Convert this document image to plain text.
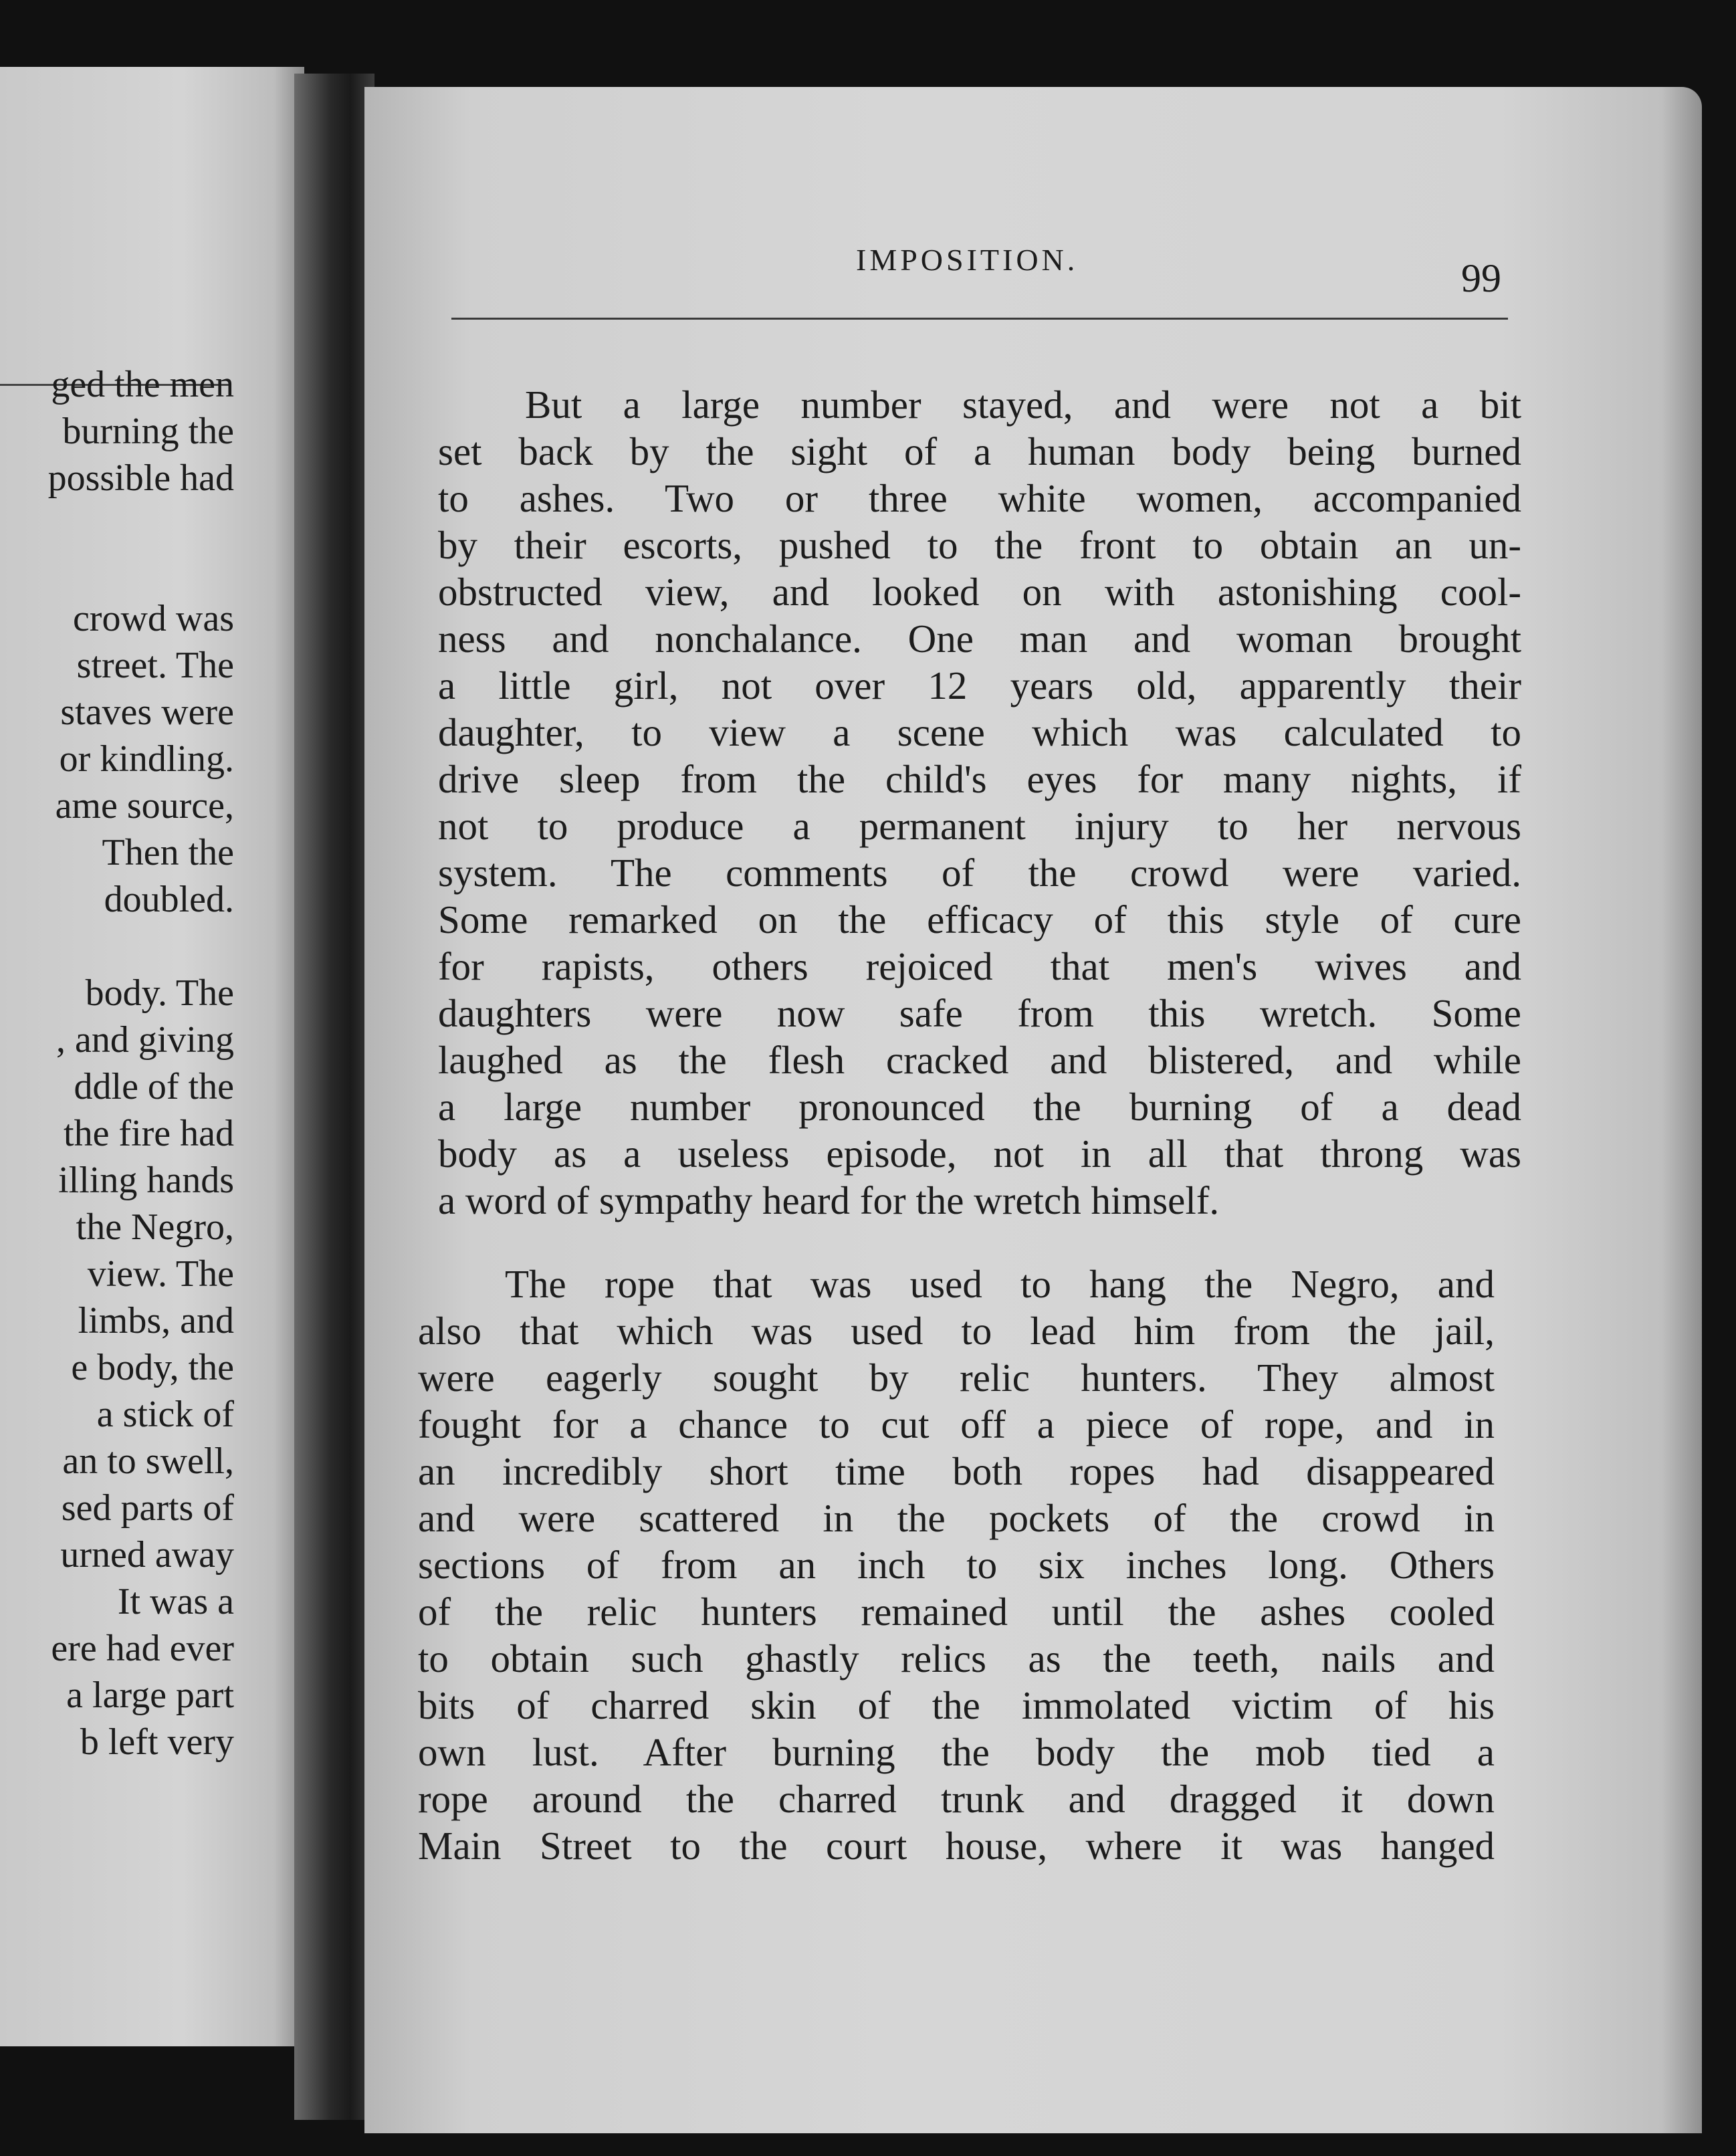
ged the men
burning the
possible had
crowd was
street. The
staves were
or kindling.
ame source,
Then the
doubled.
body. The
, and giving
ddle of the
the fire had
illing hands
the Negro,
view. The
limbs, and
e body, the
a stick of
an to swell,
sed parts of
urned away
It was a
ere had ever
a large part
b left very
IMPOSITION.	99
But a large number stayed, and were not a bit
set back by the sight of a human body being burned
to ashes. Two or three white women, accompanied
by their escorts, pushed to the front to obtain an un-
obstructed view, and looked on with astonishing cool-
ness and nonchalance. One man and woman brought
a little girl, not over 12 years old, apparently their
daughter, to view a scene which was calculated to
drive sleep from the child's eyes for many nights, if
not to produce a permanent injury to her nervous
system. The comments of the crowd were varied.
Some remarked on the efficacy of this style of cure
for rapists, others rejoiced that men's wives and
daughters were now safe from this wretch. Some
laughed as the flesh cracked and blistered, and while
a large number pronounced the burning of a dead
body as a useless episode, not in all that throng was
a word of sympathy heard for the wretch himself.
The rope that was used to hang the Negro, and
also that which was used to lead him from the jail,
were eagerly sought by relic hunters. They almost
fought for a chance to cut off a piece of rope, and in
an incredibly short time both ropes had disappeared
and were scattered in the pockets of the crowd in
sections of from an inch to six inches long. Others
of the relic hunters remained until the ashes cooled
to obtain such ghastly relics as the teeth, nails and
bits of charred skin of the immolated victim of his
own lust. After burning the body the mob tied a
rope around the charred trunk and dragged it down
Main Street to the court house, where it was hanged
